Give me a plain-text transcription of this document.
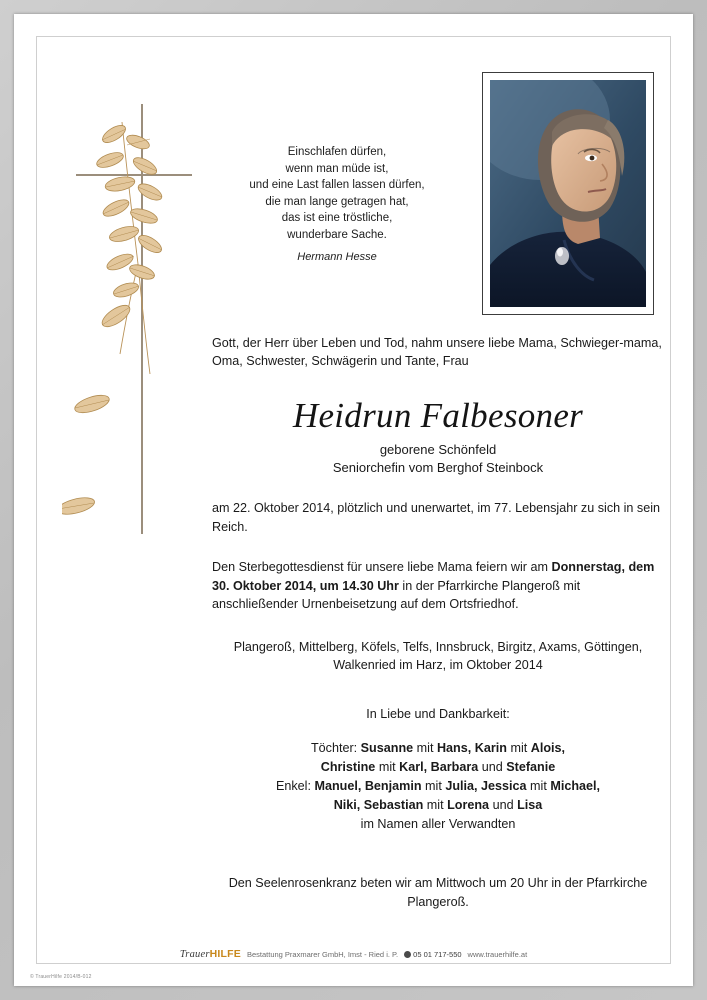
Einschlafen dürfen,
wenn man müde ist,
und eine Last fallen lassen dürfen,
die man lange getragen hat,
das ist eine tröstliche,
wunderbare Sache.
Hermann Hesse
Gott, der Herr über Leben und Tod, nahm unsere liebe Mama, Schwieger-mama, Oma, Schwester, Schwägerin und Tante, Frau
Heidrun Falbesoner
geborene Schönfeld
Seniorchefin vom Berghof Steinbock
am 22. Oktober 2014, plötzlich und unerwartet, im 77. Lebensjahr zu sich in sein Reich.
Den Sterbegottesdienst für unsere liebe Mama feiern wir am Donnerstag, dem 30. Oktober 2014, um 14.30 Uhr in der Pfarrkirche Plangeroß mit anschließender Urnenbeisetzung auf dem Ortsfriedhof.
Plangeroß, Mittelberg, Köfels, Telfs, Innsbruck, Birgitz, Axams, Göttingen, Walkenried im Harz, im Oktober 2014
In Liebe und Dankbarkeit:
Töchter: Susanne mit Hans, Karin mit Alois,
Christine mit Karl, Barbara und Stefanie
Enkel: Manuel, Benjamin mit Julia, Jessica mit Michael,
Niki, Sebastian mit Lorena und Lisa
im Namen aller Verwandten
Den Seelenrosenkranz beten wir am Mittwoch um 20 Uhr in der Pfarrkirche Plangeroß.
Trauer HILFE Bestattung Praxmarer GmbH, Imst - Ried i. P.	05 01 717-550 www.trauerhilfe.at
© TrauerHilfe 2014/B-012
